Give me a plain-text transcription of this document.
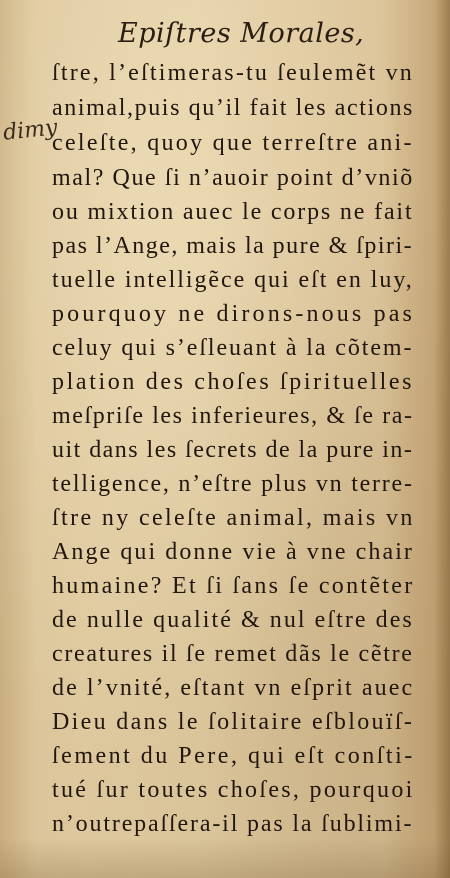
Epiſtres Morales,
dimy
ſtre, l’eſtimeras-tu ſeulemẽt vn
animal,puis qu’il fait les actions
celeſte, quoy que terreſtre ani-
mal? Que ſi n’auoir point d’vniõ
ou mixtion auec le corps ne fait
pas l’Ange, mais la pure & ſpiri-
tuelle intelligẽce qui eſt en luy,
pourquoy ne dirons-nous pas
celuy qui s’eſleuant à la cõtem-
plation des choſes ſpirituelles
meſpriſe les inferieures, & ſe ra-
uit dans les ſecrets de la pure in-
telligence, n’eſtre plus vn terre-
ſtre ny celeſte animal, mais vn
Ange qui donne vie à vne chair
humaine? Et ſi ſans ſe contẽter
de nulle qualité & nul eſtre des
creatures il ſe remet dãs le cẽtre
de l’vnité, eſtant vn eſprit auec
Dieu dans le ſolitaire eſblouïſ-
ſement du Pere, qui eſt conſti-
tué ſur toutes choſes, pourquoi
n’outrepaſſera-il pas la ſublimi-
